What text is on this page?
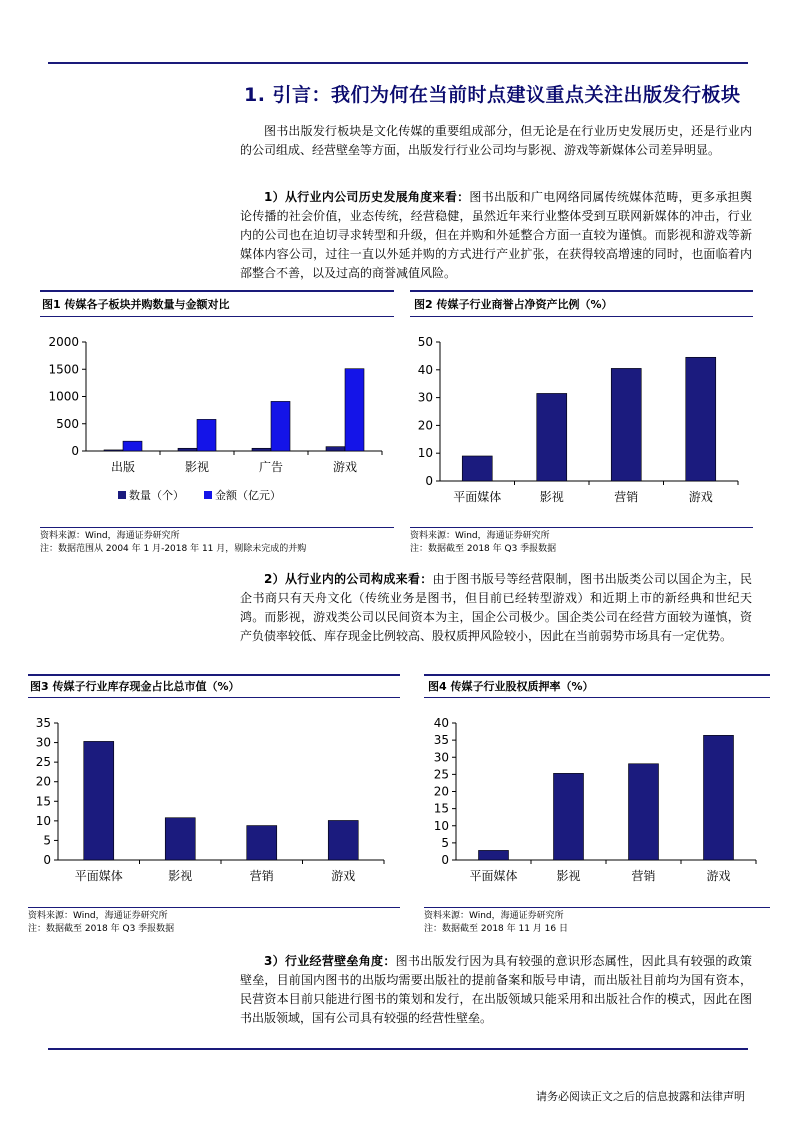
1. 引言：我们为何在当前时点建议重点关注出版发行板块
图书出版发行板块是文化传媒的重要组成部分，但无论是在行业历史发展历史，还是行业内的公司组成、经营壁垒等方面，出版发行行业公司均与影视、游戏等新媒体公司差异明显。
1）从行业内公司历史发展角度来看：图书出版和广电网络同属传统媒体范畴，更多承担舆论传播的社会价值，业态传统，经营稳健，虽然近年来行业整体受到互联网新媒体的冲击，行业内的公司也在迫切寻求转型和升级，但在并购和外延整合方面一直较为谨慎。而影视和游戏等新媒体内容公司，过往一直以外延并购的方式进行产业扩张，在获得较高增速的同时，也面临着内部整合不善，以及过高的商誉减值风险。
图1 传媒各子板块并购数量与金额对比
0
500
1000
1500
2000
出版	影视	广告	游戏
数量（个）	金额（亿元）
资料来源：Wind，海通证券研究所
注：数据范围从 2004 年 1 月-2018 年 11 月，剔除未完成的并购
图2 传媒子行业商誉占净资产比例（%）
0
10
20
30
40
50
平面媒体	影视	营销	游戏
资料来源：Wind，海通证券研究所
注：数据截至 2018 年 Q3 季报数据
2）从行业内的公司构成来看：由于图书版号等经营限制，图书出版类公司以国企为主，民企书商只有天舟文化（传统业务是图书，但目前已经转型游戏）和近期上市的新经典和世纪天鸿。而影视，游戏类公司以民间资本为主，国企公司极少。国企类公司在经营方面较为谨慎，资产负债率较低、库存现金比例较高、股权质押风险较小，因此在当前弱势市场具有一定优势。
图3 传媒子行业库存现金占比总市值（%）
0
5
10
15
20
25
30
35
平面媒体	影视	营销	游戏
资料来源：Wind，海通证券研究所
注：数据截至 2018 年 Q3 季报数据
图4 传媒子行业股权质押率（%）
0
5
10
15
20
25
30
35
40
平面媒体	影视	营销	游戏
资料来源：Wind，海通证券研究所
注：数据截至 2018 年 11 月 16 日
3）行业经营壁垒角度：图书出版发行因为具有较强的意识形态属性，因此具有较强的政策壁垒，目前国内图书的出版均需要出版社的提前备案和版号申请，而出版社目前均为国有资本，民营资本目前只能进行图书的策划和发行，在出版领域只能采用和出版社合作的模式，因此在图书出版领域，国有公司具有较强的经营性壁垒。
请务必阅读正文之后的信息披露和法律声明
